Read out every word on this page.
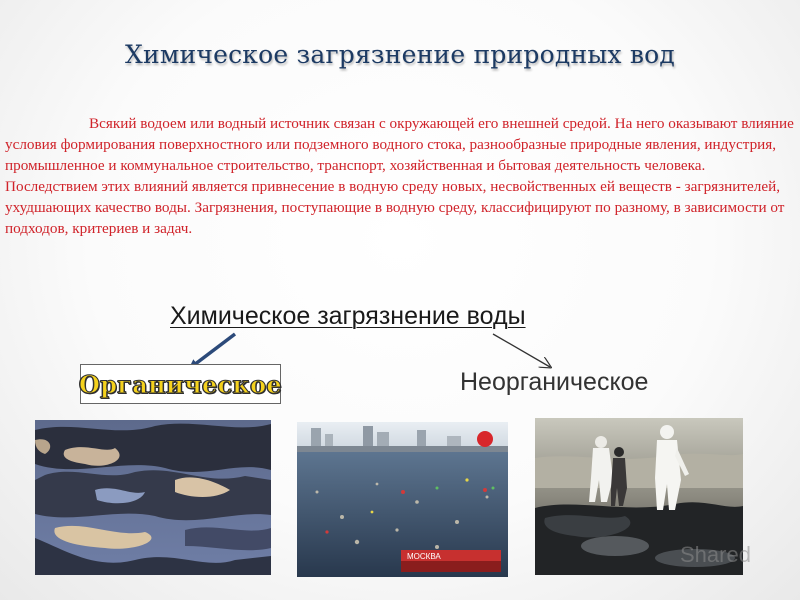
Химическое загрязнение природных вод

Всякий водоем или водный источник связан с окружающей его внешней средой. На него оказывают влияние условия формирования поверхностного или подземного водного стока, разнообразные природные явления, индустрия, промышленное и коммунальное строительство, транспорт, хозяйственная и бытовая деятельность человека. Последствием этих влияний является привнесение в водную среду новых, несвойственных ей веществ - загрязнителей, ухудшающих качество воды. Загрязнения, поступающие в водную среду, классифицируют по разному, в зависимости от подходов, критериев и задач.

Химическое загрязнение воды
Органическое	Неорганическое
МОСКВА	Shared
